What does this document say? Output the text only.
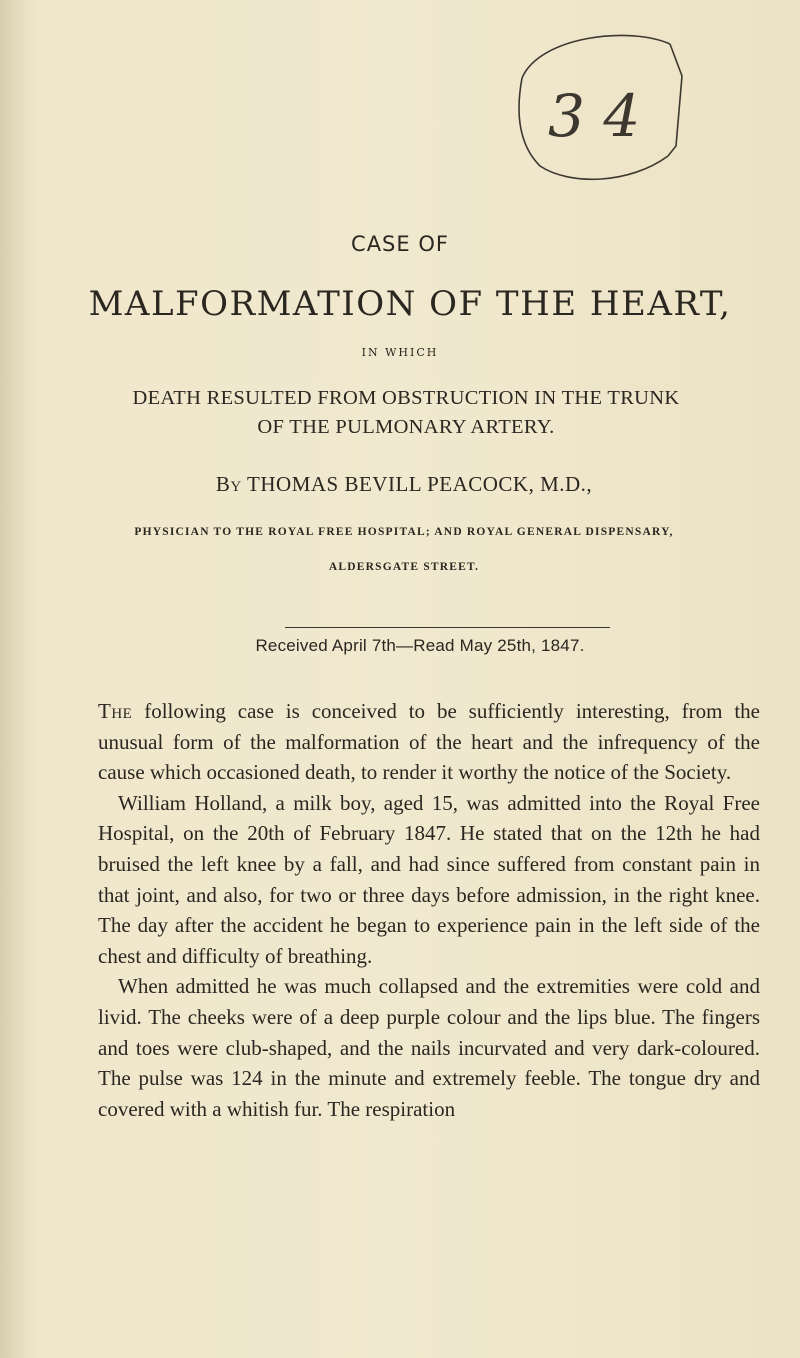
3 4
CASE OF
MALFORMATION OF THE HEART,
IN WHICH
DEATH RESULTED FROM OBSTRUCTION IN THE TRUNK
OF THE PULMONARY ARTERY.
By THOMAS BEVILL PEACOCK, M.D.,
PHYSICIAN TO THE ROYAL FREE HOSPITAL; AND ROYAL GENERAL DISPENSARY,
ALDERSGATE STREET.
Received April 7th—Read May 25th, 1847.

The following case is conceived to be sufficiently interesting, from the unusual form of the malformation of the heart and the infrequency of the cause which occasioned death, to render it worthy the notice of the Society.

William Holland, a milk boy, aged 15, was admitted into the Royal Free Hospital, on the 20th of February 1847. He stated that on the 12th he had bruised the left knee by a fall, and had since suffered from constant pain in that joint, and also, for two or three days before admission, in the right knee. The day after the accident he began to experience pain in the left side of the chest and difficulty of breathing.

When admitted he was much collapsed and the extremities were cold and livid. The cheeks were of a deep purple colour and the lips blue. The fingers and toes were club-shaped, and the nails incurvated and very dark-coloured. The pulse was 124 in the minute and extremely feeble. The tongue dry and covered with a whitish fur. The respiration
